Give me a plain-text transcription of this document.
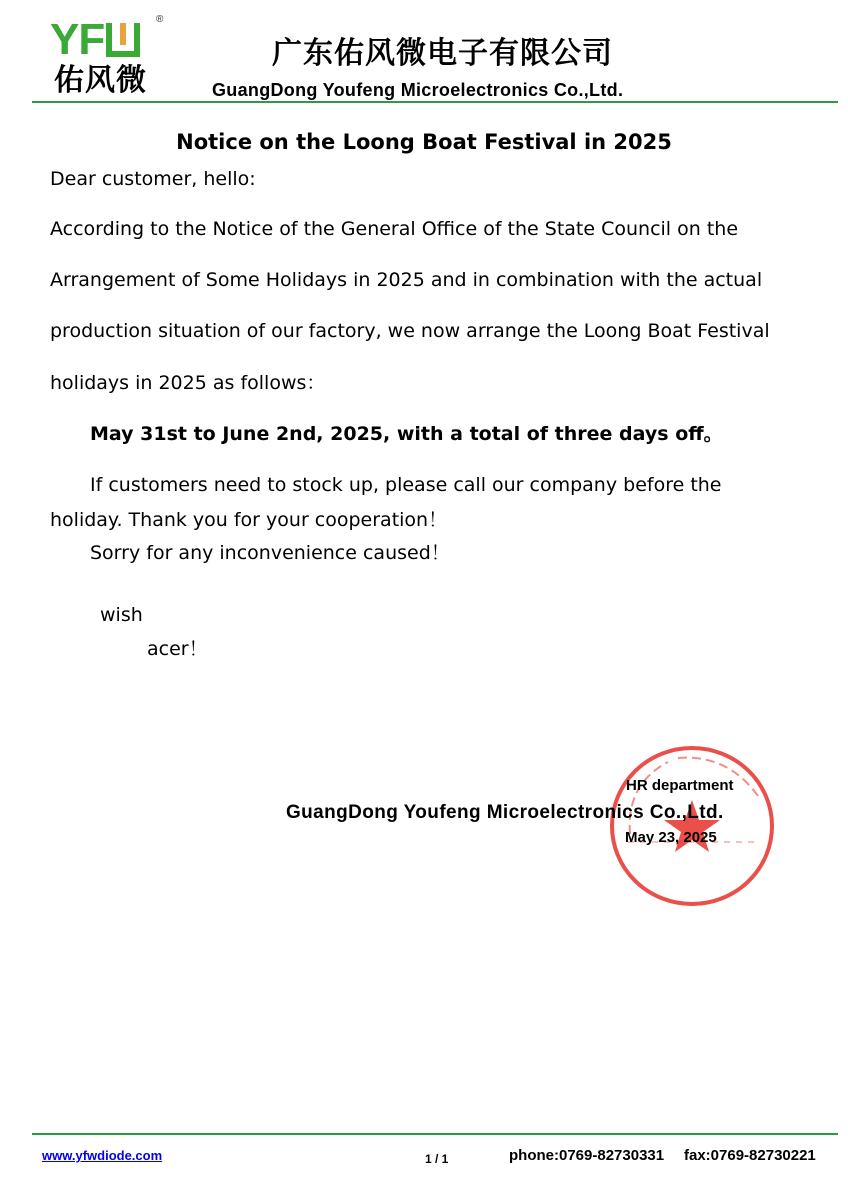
YF	®
佑风微
广东佑风微电子有限公司
GuangDong Youfeng Microelectronics Co.,Ltd.
Notice on the Loong Boat Festival in 2025
Dear customer, hello:
According to the Notice of the General Office of the State Council on the
Arrangement of Some Holidays in 2025 and in combination with the actual
production situation of our factory, we now arrange the Loong Boat Festival
holidays in 2025 as follows：
May 31st to June 2nd, 2025, with a total of three days off。
If customers need to stock up, please call our company before the
holiday. Thank you for your cooperation！
Sorry for any inconvenience caused！
wish
acer！
HR department
GuangDong Youfeng Microelectronics Co.,Ltd.
May 23, 2025
www.yfwdiode.com	1 / 1	phone:0769-82730331 fax:0769-82730221
